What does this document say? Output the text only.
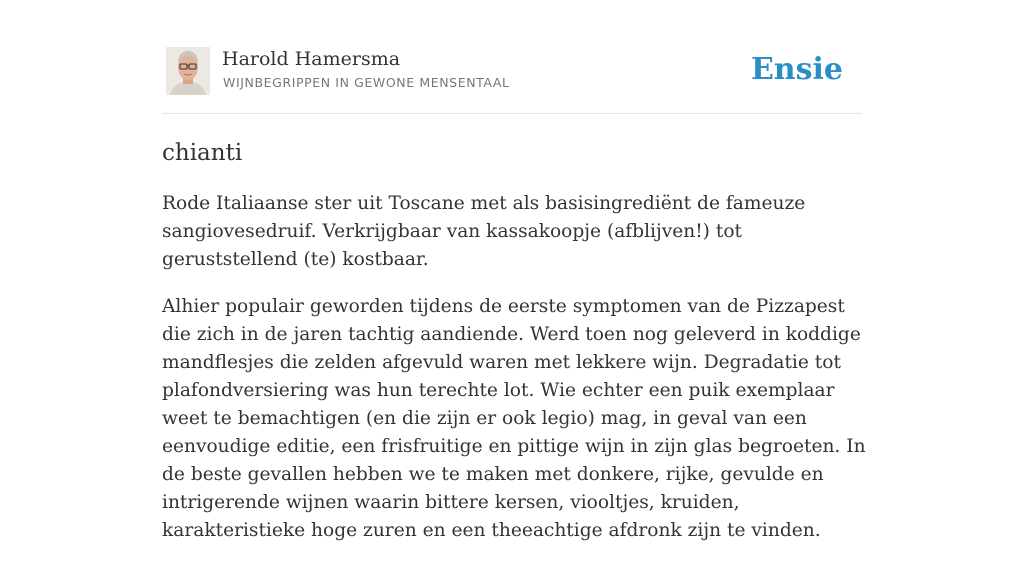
Harold Hamersma
WIJNBEGRIPPEN IN GEWONE MENSENTAAL	Ensie
chianti

Rode Italiaanse ster uit Toscane met als basisingrediënt de fameuze sangiovesedruif. Verkrijgbaar van kassakoopje (afblijven!) tot geruststellend (te) kostbaar.

Alhier populair geworden tijdens de eerste symptomen van de Pizzapest die zich in de jaren tachtig aandiende. Werd toen nog geleverd in koddige mandflesjes die zelden afgevuld waren met lekkere wijn. Degradatie tot plafondversiering was hun terechte lot. Wie echter een puik exemplaar weet te bemachtigen (en die zijn er ook legio) mag, in geval van een eenvoudige editie, een frisfruitige en pittige wijn in zijn glas begroeten. In de beste gevallen hebben we te maken met donkere, rijke, gevulde en intrigerende wijnen waarin bittere kersen, viooltjes, kruiden, karakteristieke hoge zuren en een theeachtige afdronk zijn te vinden.
